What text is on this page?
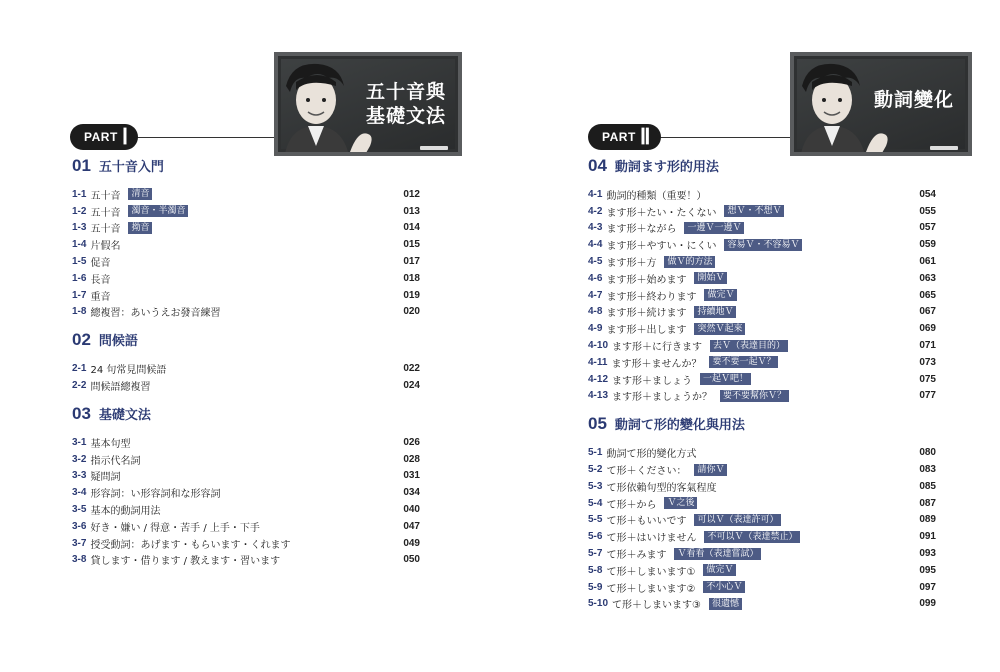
五十音與
基礎文法
PART Ⅰ
01 五十音入門
1-1 五十音	清音	012
1-2 五十音	濁音・半濁音	013
1-3 五十音	拗音	014
1-4 片假名	015
1-5 促音	017
1-6 長音	018
1-7 重音	019
1-8 總複習：あいうえお發音練習	020
02 問候語
2-1 24 句常見問候語	022
2-2 問候語總複習	024
03 基礎文法
3-1 基本句型	026
3-2 指示代名詞	028
3-3 疑問詞	031
3-4 形容詞：い形容詞和な形容詞	034
3-5 基本的動詞用法	040
3-6 好き・嫌い / 得意・苦手 / 上手・下手	047
3-7 授受動詞：あげます・もらいます・くれます	049
3-8 貸します・借ります / 教えます・習います	050
動詞變化
PART Ⅱ
04 動詞ます形的用法
4-1 動詞的種類（重要！）	054
4-2 ます形＋たい・たくない	想Ｖ・不想Ｖ	055
4-3 ます形＋ながら	一邊Ｖ一邊Ｖ	057
4-4 ます形＋やすい・にくい	容易Ｖ・不容易Ｖ	059
4-5 ます形＋方	做Ｖ的方法	061
4-6 ます形＋始めます	開始Ｖ	063
4-7 ます形＋終わります	做完Ｖ	065
4-8 ます形＋続けます	持續地Ｖ	067
4-9 ます形＋出します	突然Ｖ起來	069
4-10 ます形＋に行きます	去Ｖ（表達目的）	071
4-11 ます形＋ませんか？	要不要一起Ｖ？	073
4-12 ます形＋ましょう	一起Ｖ吧！	075
4-13 ます形＋ましょうか？	要不要幫你Ｖ？	077
05 動詞て形的變化與用法
5-1 動詞て形的變化方式	080
5-2 て形＋ください：	請你Ｖ	083
5-3 て形依賴句型的客氣程度	085
5-4 て形＋から	Ｖ之後	087
5-5 て形＋もいいです	可以Ｖ（表達許可）	089
5-6 て形＋はいけません	不可以Ｖ（表達禁止）	091
5-7 て形＋みます	Ｖ看看（表達嘗試）	093
5-8 て形＋しまいます①	做完Ｖ	095
5-9 て形＋しまいます②	不小心Ｖ	097
5-10 て形＋しまいます③	很遺憾	099
